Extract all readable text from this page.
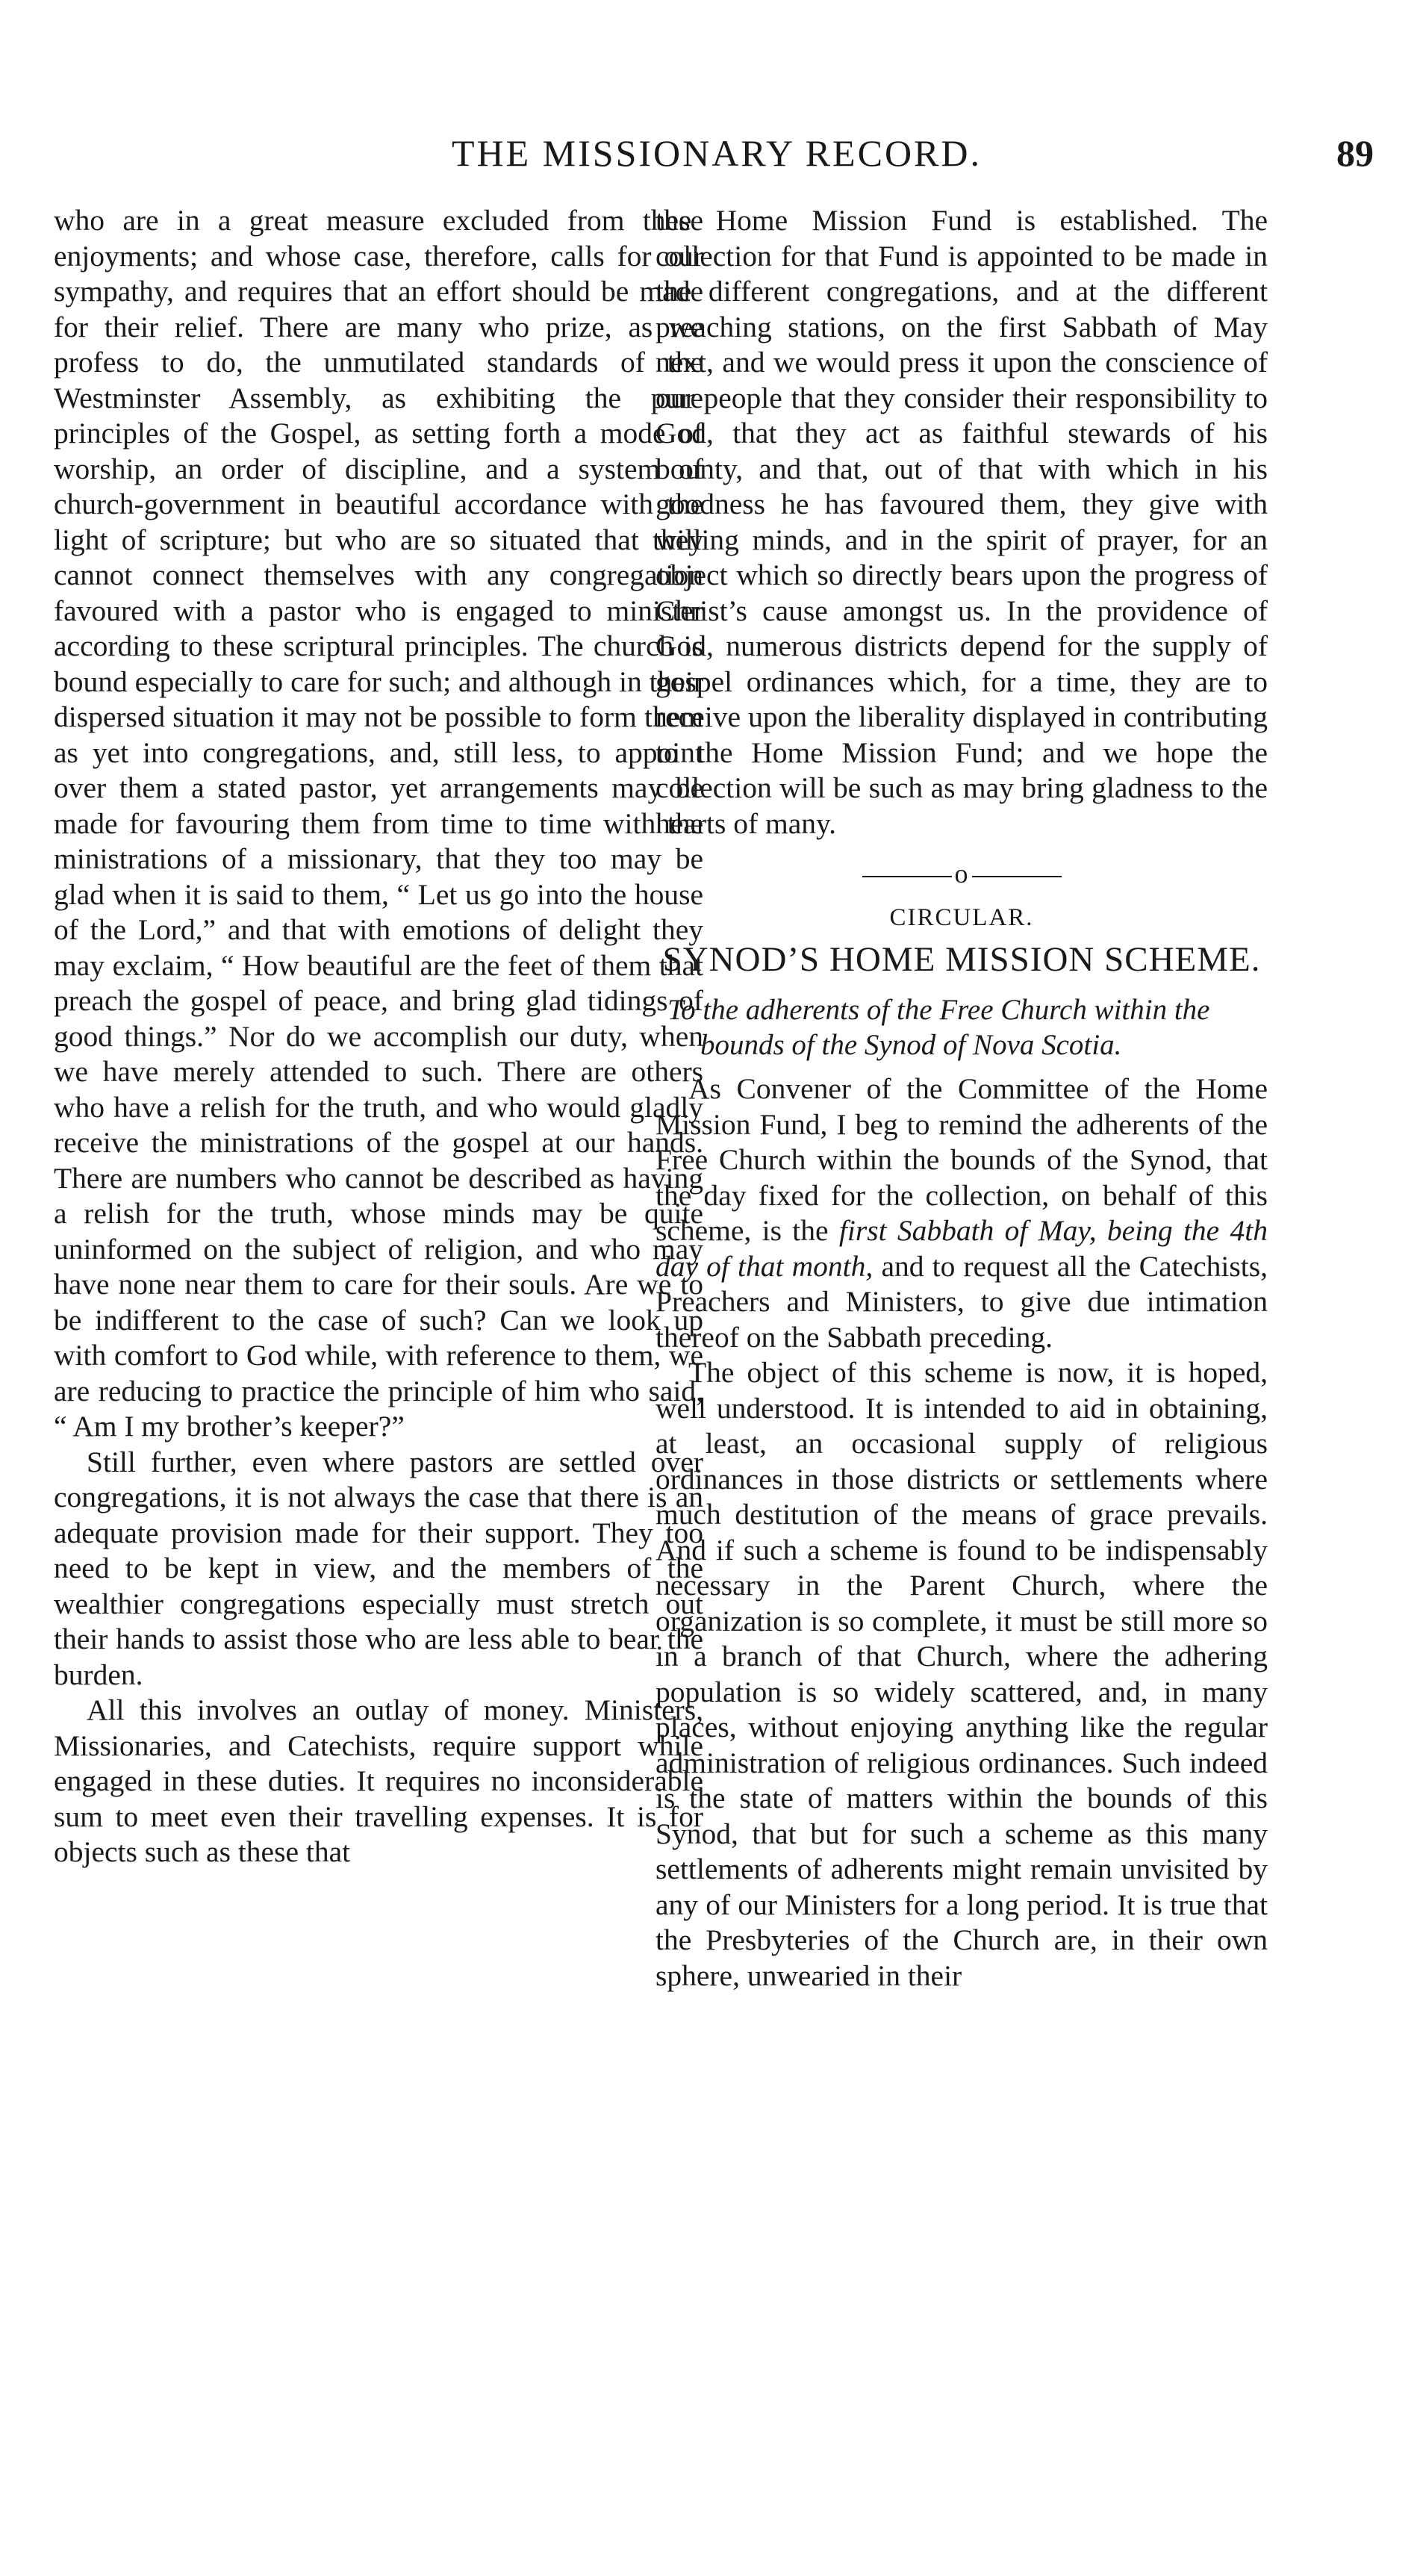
THE MISSIONARY RECORD.	89

who are in a great measure excluded from these enjoyments; and whose case, therefore, calls for our sympathy, and requires that an effort should be made for their relief. There are many who prize, as we profess to do, the unmutilated standards of the Westminster Assembly, as exhibiting the pure principles of the Gospel, as setting forth a mode of worship, an order of discipline, and a system of church-government in beautiful accordance with the light of scripture; but who are so situated that they cannot connect themselves with any congregation favoured with a pastor who is engaged to minister according to these scriptural principles. The church is bound especially to care for such; and although in their dispersed situation it may not be possible to form them as yet into congregations, and, still less, to appoint over them a stated pastor, yet arrangements may be made for favouring them from time to time with the ministrations of a missionary, that they too may be glad when it is said to them, “ Let us go into the house of the Lord,” and that with emotions of delight they may exclaim, “ How beautiful are the feet of them that preach the gospel of peace, and bring glad tidings of good things.” Nor do we accomplish our duty, when we have merely attended to such. There are others who have a relish for the truth, and who would gladly receive the ministrations of the gospel at our hands. There are numbers who cannot be described as having a relish for the truth, whose minds may be quite uninformed on the subject of religion, and who may have none near them to care for their souls. Are we to be indifferent to the case of such? Can we look up with comfort to God while, with reference to them, we are reducing to practice the principle of him who said, “ Am I my brother’s keeper?”

Still further, even where pastors are settled over congregations, it is not always the case that there is an adequate provision made for their support. They too need to be kept in view, and the members of the wealthier congregations especially must stretch out their hands to assist those who are less able to bear the burden.

All this involves an outlay of money. Ministers, Missionaries, and Catechists, require support while engaged in these duties. It requires no inconsiderable sum to meet even their travelling expenses. It is for objects such as these that

the Home Mission Fund is established. The collection for that Fund is appointed to be made in the different congregations, and at the different preaching stations, on the first Sabbath of May next, and we would press it upon the conscience of our people that they consider their responsibility to God, that they act as faithful stewards of his bounty, and that, out of that with which in his goodness he has favoured them, they give with willing minds, and in the spirit of prayer, for an object which so directly bears upon the progress of Christ’s cause amongst us. In the providence of God, numerous districts depend for the supply of gospel ordinances which, for a time, they are to receive upon the liberality displayed in contributing to the Home Mission Fund; and we hope the collection will be such as may bring gladness to the hearts of many.

o
CIRCULAR.
SYNOD’S HOME MISSION SCHEME.

To the adherents of the Free Church within the bounds of the Synod of Nova Scotia.

As Convener of the Committee of the Home Mission Fund, I beg to remind the adherents of the Free Church within the bounds of the Synod, that the day fixed for the collection, on behalf of this scheme, is the first Sabbath of May, being the 4th day of that month, and to request all the Catechists, Preachers and Ministers, to give due intimation thereof on the Sabbath preceding.

The object of this scheme is now, it is hoped, well understood. It is intended to aid in obtaining, at least, an occasional supply of religious ordinances in those districts or settlements where much destitution of the means of grace prevails. And if such a scheme is found to be indispensably necessary in the Parent Church, where the organization is so complete, it must be still more so in a branch of that Church, where the adhering population is so widely scattered, and, in many places, without enjoying anything like the regular administration of religious ordinances. Such indeed is the state of matters within the bounds of this Synod, that but for such a scheme as this many settlements of adherents might remain unvisited by any of our Ministers for a long period. It is true that the Presbyteries of the Church are, in their own sphere, unwearied in their
